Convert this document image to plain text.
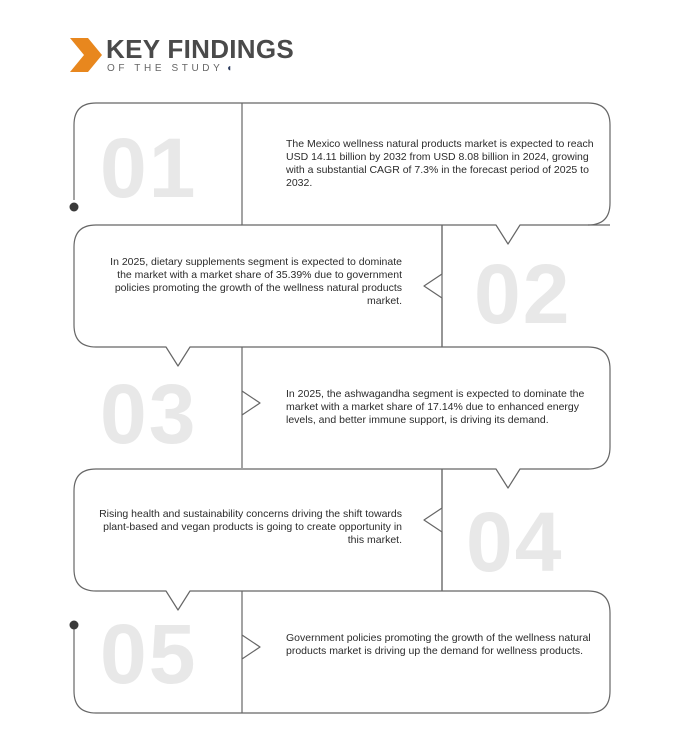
KEY FINDINGS
OF THE STUDY ◖
01
02
03
04
05
The Mexico wellness natural products market is expected to reach USD 14.11 billion by 2032 from USD 8.08 billion in 2024, growing with a substantial CAGR of 7.3% in the forecast period of 2025 to 2032.
In 2025, dietary supplements segment is expected to dominate the market with a market share of 35.39% due to government policies promoting the growth of the wellness natural products market.
In 2025, the ashwagandha segment is expected to dominate the market with a market share of 17.14% due to enhanced energy levels, and better immune support, is driving its demand.
Rising health and sustainability concerns driving the shift towards plant-based and vegan products is going to create opportunity in this market.
Government policies promoting the growth of the wellness natural products market is driving up the demand for wellness products.
